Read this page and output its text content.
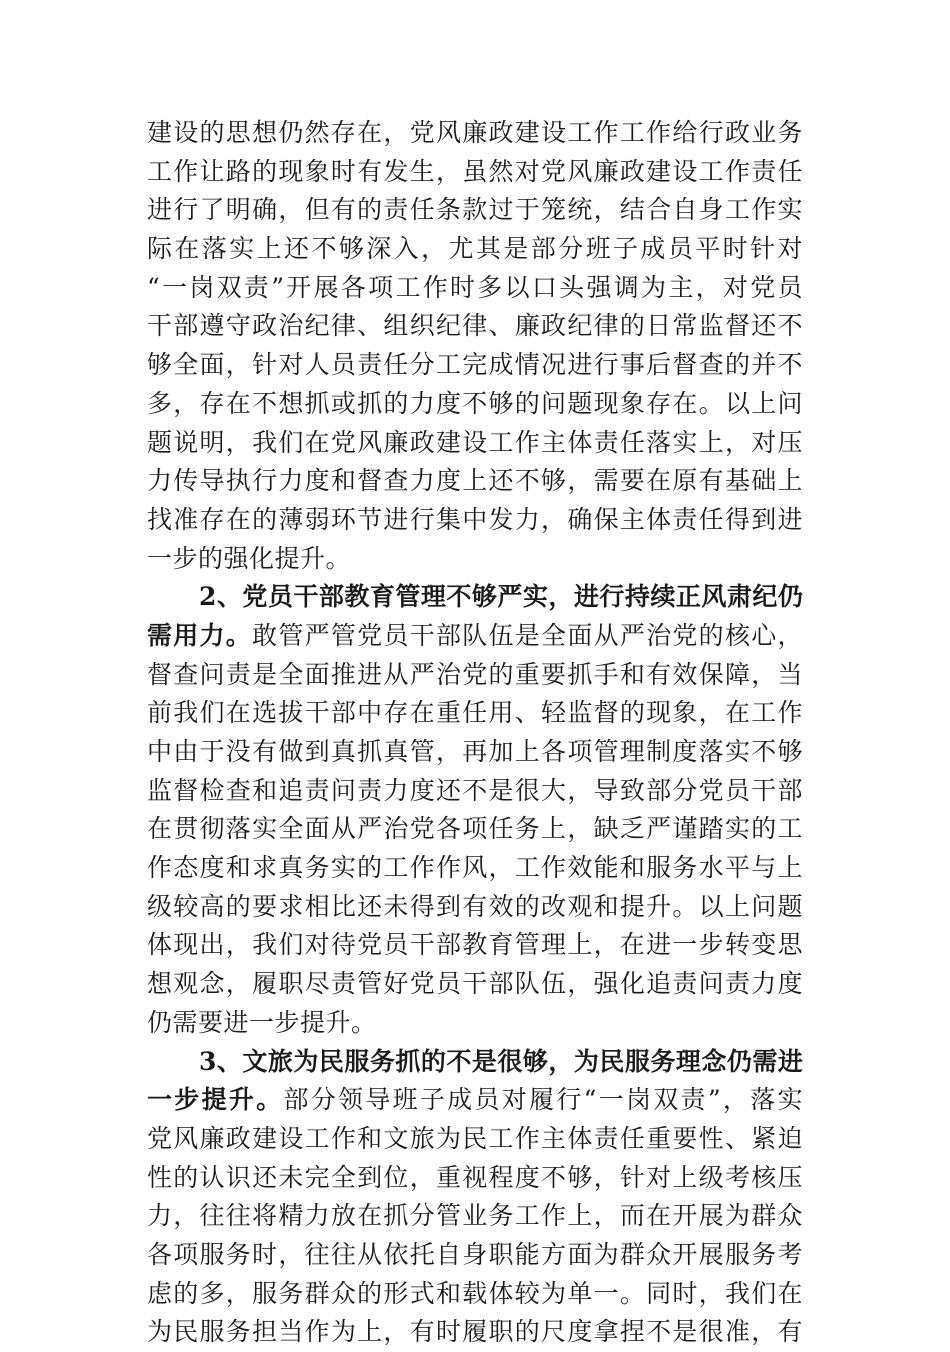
建设的思想仍然存在，党风廉政建设工作工作给行政业务
工作让路的现象时有发生，虽然对党风廉政建设工作责任
进行了明确，但有的责任条款过于笼统，结合自身工作实
际在落实上还不够深入，尤其是部分班子成员平时针对
“一岗双责”开展各项工作时多以口头强调为主，对党员
干部遵守政治纪律、组织纪律、廉政纪律的日常监督还不
够全面，针对人员责任分工完成情况进行事后督查的并不
多，存在不想抓或抓的力度不够的问题现象存在。以上问
题说明，我们在党风廉政建设工作主体责任落实上，对压
力传导执行力度和督查力度上还不够，需要在原有基础上
找准存在的薄弱环节进行集中发力，确保主体责任得到进
一步的强化提升。
2、党员干部教育管理不够严实，进行持续正风肃纪仍
需用力。敢管严管党员干部队伍是全面从严治党的核心，
督查问责是全面推进从严治党的重要抓手和有效保障，当
前我们在选拔干部中存在重任用、轻监督的现象，在工作
中由于没有做到真抓真管，再加上各项管理制度落实不够
监督检查和追责问责力度还不是很大，导致部分党员干部
在贯彻落实全面从严治党各项任务上，缺乏严谨踏实的工
作态度和求真务实的工作作风，工作效能和服务水平与上
级较高的要求相比还未得到有效的改观和提升。以上问题
体现出，我们对待党员干部教育管理上，在进一步转变思
想观念，履职尽责管好党员干部队伍，强化追责问责力度
仍需要进一步提升。
3、文旅为民服务抓的不是很够，为民服务理念仍需进
一步提升。部分领导班子成员对履行“一岗双责”，落实
党风廉政建设工作和文旅为民工作主体责任重要性、紧迫
性的认识还未完全到位，重视程度不够，针对上级考核压
力，往往将精力放在抓分管业务工作上，而在开展为群众
各项服务时，往往从依托自身职能方面为群众开展服务考
虑的多，服务群众的形式和载体较为单一。同时，我们在
为民服务担当作为上，有时履职的尺度拿捏不是很准，有
